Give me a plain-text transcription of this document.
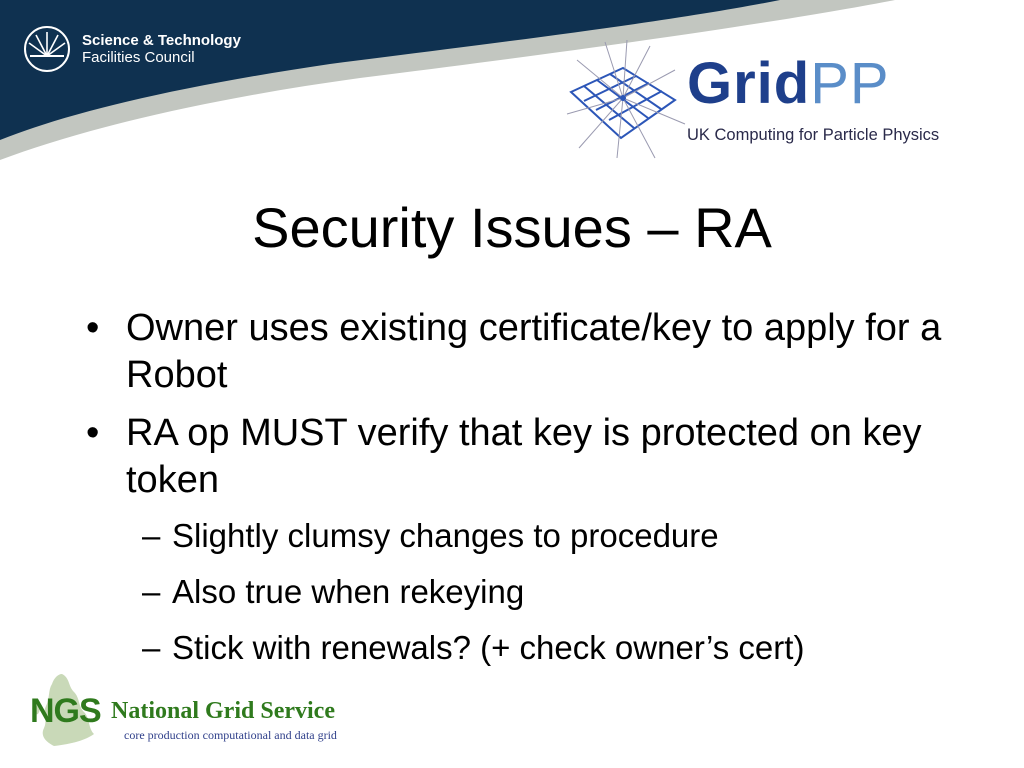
Science & Technology
Facilities Council	GridPP
UK Computing for Particle Physics
Security Issues – RA
• Owner uses existing certificate/key to apply for a Robot
• RA op MUST verify that key is protected on key token
– Slightly clumsy changes to procedure
– Also true when rekeying
– Stick with renewals? (+ check owner’s cert)
NGS National Grid Service
core production computational and data grid
